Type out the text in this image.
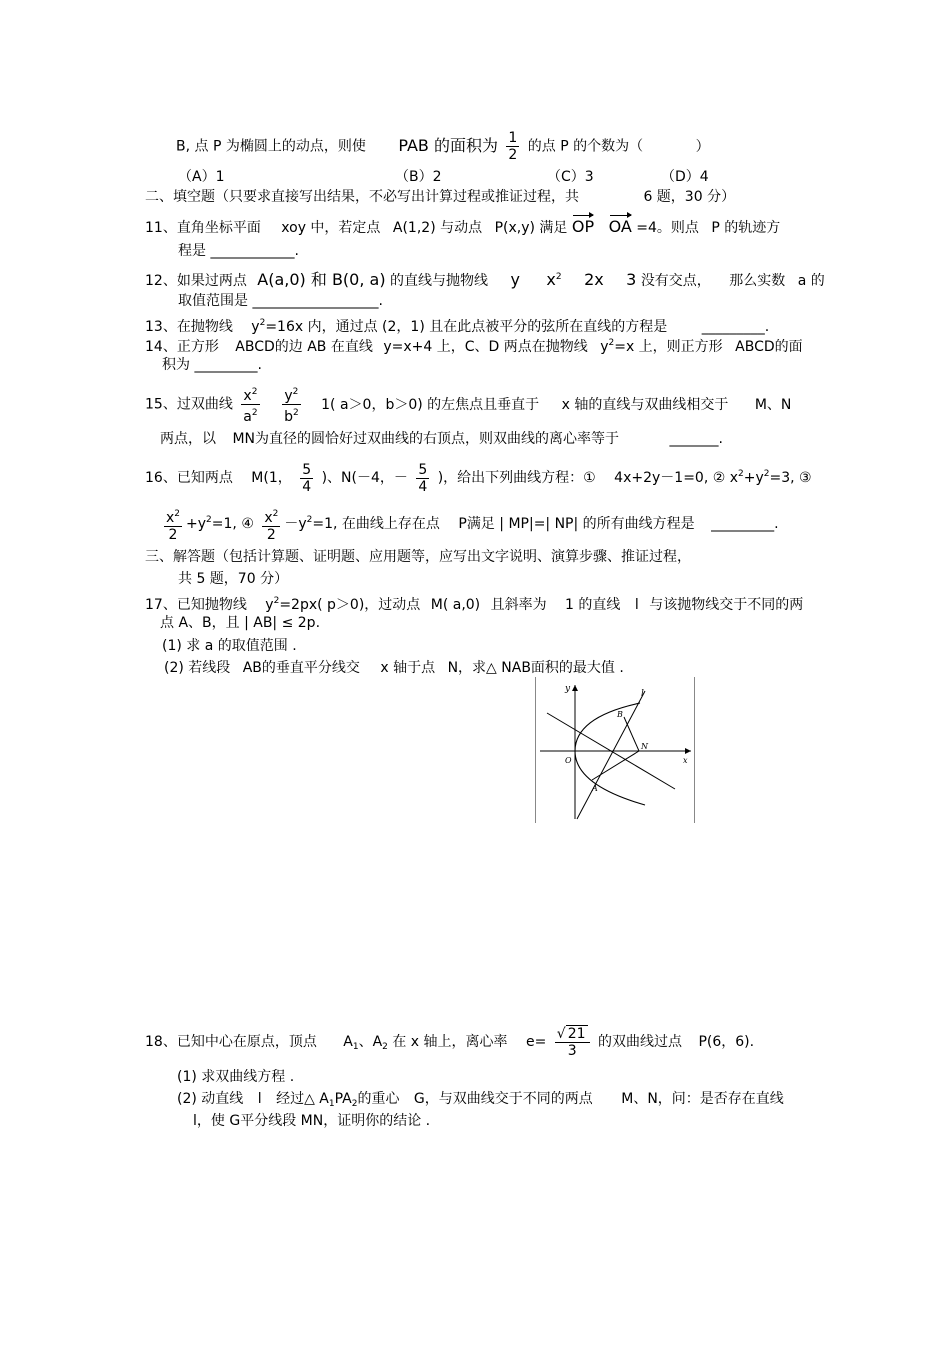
B, 点 P 为椭圆上的动点，则使 PAB 的面积为 $\frac{1}{2}$ 的点 P 的个数为（	）
（A）1	（B）2	（C）3	（D）4
二、填空题（只要求直接写出结果，不必写出计算过程或推证过程，共	6 题，30 分）
11、直角坐标平面 xoy 中，若定点 A(1,2) 与动点 P(x,y) 满足 OP OA =4。则点 P 的轨迹方
程是 ____________.
12、如果过两点 A(a,0) 和 B(0, a) 的直线与抛物线 y $x^2$ 2x 3 没有交点， 那么实数 a 的
取值范围是 __________________.
13、在抛物线 $y^2=16x$ 内，通过点 (2，1) 且在此点被平分的弦所在直线的方程是 _________.
14、正方形 ABCD的边 AB 在直线 y=x+4 上，C、D 两点在抛物线 $y^2=x$ 上，则正方形 ABCD的面
积为 _________.
15、过双曲线 $\frac{x^2}{a^2}$
$\frac{y^2}{b^2} 1$( a＞0，b＞0) 的左焦点且垂直于 x 轴的直线与双曲线相交于 M、N
两点，以 MN为直径的圆恰好过双曲线的右顶点，则双曲线的离心率等于	_______.
16、已知两点 M(1， $\frac{5}{4}$ )、N(－4，－ $\frac{5}{4}$ )，给出下列曲线方程：① 4x+2y－1=0, ② $x^2+y^2=3$, ③
$\frac{x^2}{2} +y^2=1$, ④ $\frac{x^2}{2} -y^2=1$, 在曲线上存在点 P满足 | MP|=| NP| 的所有曲线方程是 _________.
三、解答题（包括计算题、证明题、应用题等，应写出文字说明、演算步骤、推证过程，
共 5 题，70 分）
17、已知抛物线 $y^2=2px$( p＞0)，过动点 M( a,0) 且斜率为 1 的直线 l 与该抛物线交于不同的两
点 A、B，且 | AB| ≤ 2p.
(1) 求 a 的取值范围 .
(2) 若线段 AB的垂直平分线交 x 轴于点 N，求△ NAB面积的最大值 .
y	l
B
N
O
A
x
18、已知中心在原点，顶点 $A_1$、$A_2$ 在 x 轴上，离心率 $e= \frac{√ 21}{3}$ 的双曲线过点 P(6，6).
(1) 求双曲线方程 .
(2) 动直线 l 经过△ $A_1PA_2$的重心 G，与双曲线交于不同的两点 M、N，问：是否存在直线
l，使 G平分线段 MN，证明你的结论 .
